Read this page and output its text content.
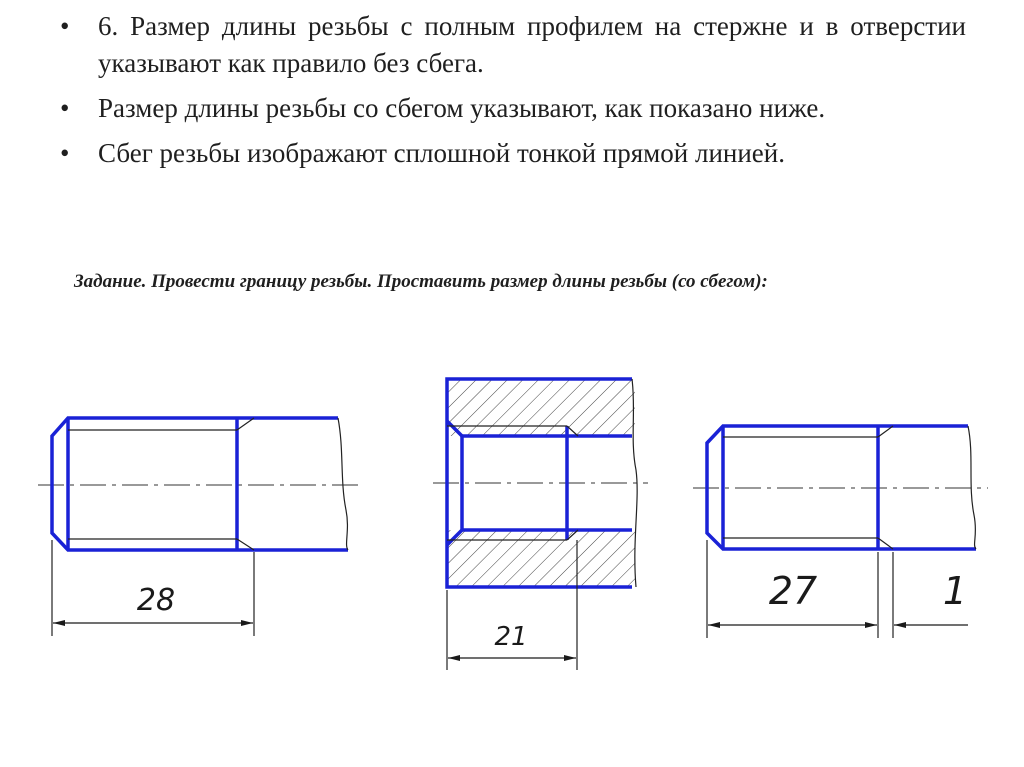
• 6. Размер длины резьбы с полным профилем на стержне и в отверстии указывают как правило без сбега.
• Размер длины резьбы со сбегом указывают, как показано ниже.
• Сбег резьбы изображают сплошной тонкой прямой линией.

Задание. Провести границу резьбы. Проставить размер длины резьбы (со сбегом):

28
21
27	1
